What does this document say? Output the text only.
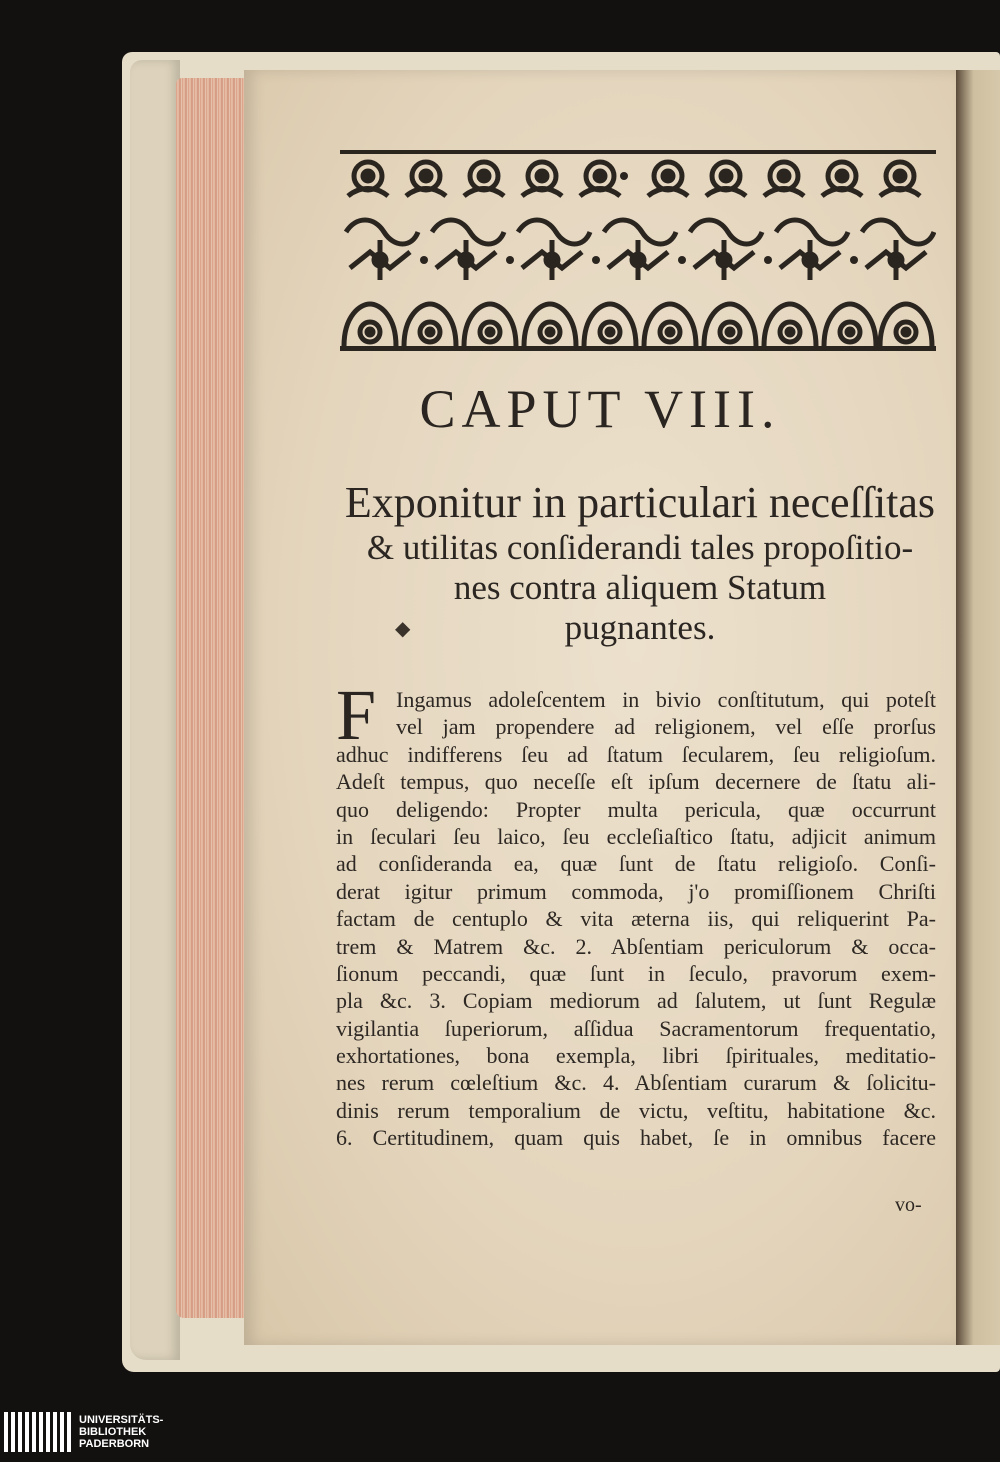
CAPUT VIII.
Exponitur in particulari neceſſitas
& utilitas conſiderandi tales propoſitio-
nes contra aliquem Statum
pugnantes.
◆
F Ingamus adoleſcentem in bivio conſtitutum, qui poteſt
vel jam propendere ad religionem, vel eſſe prorſus
adhuc indifferens ſeu ad ſtatum ſecularem, ſeu religioſum.
Adeſt tempus, quo neceſſe eſt ipſum decernere de ſtatu ali-
quo deligendo: Propter multa pericula, quæ occurrunt
in ſeculari ſeu laico, ſeu eccleſiaſtico ſtatu, adjicit animum
ad conſideranda ea, quæ ſunt de ſtatu religioſo. Conſi-
derat igitur primum commoda, j'o promiſſionem Chriſti
factam de centuplo & vita æterna iis, qui reliquerint Pa-
trem & Matrem &c. 2. Abſentiam periculorum & occa-
ſionum peccandi, quæ ſunt in ſeculo, pravorum exem-
pla &c. 3. Copiam mediorum ad ſalutem, ut ſunt Regulæ
vigilantia ſuperiorum, aſſidua Sacramentorum frequentatio,
exhortationes, bona exempla, libri ſpirituales, meditatio-
nes rerum cœleſtium &c. 4. Abſentiam curarum & ſolicitu-
dinis rerum temporalium de victu, veſtitu, habitatione &c.
6. Certitudinem, quam quis habet, ſe in omnibus facere
vo-
UNIVERSITÄTS-
BIBLIOTHEK
PADERBORN
